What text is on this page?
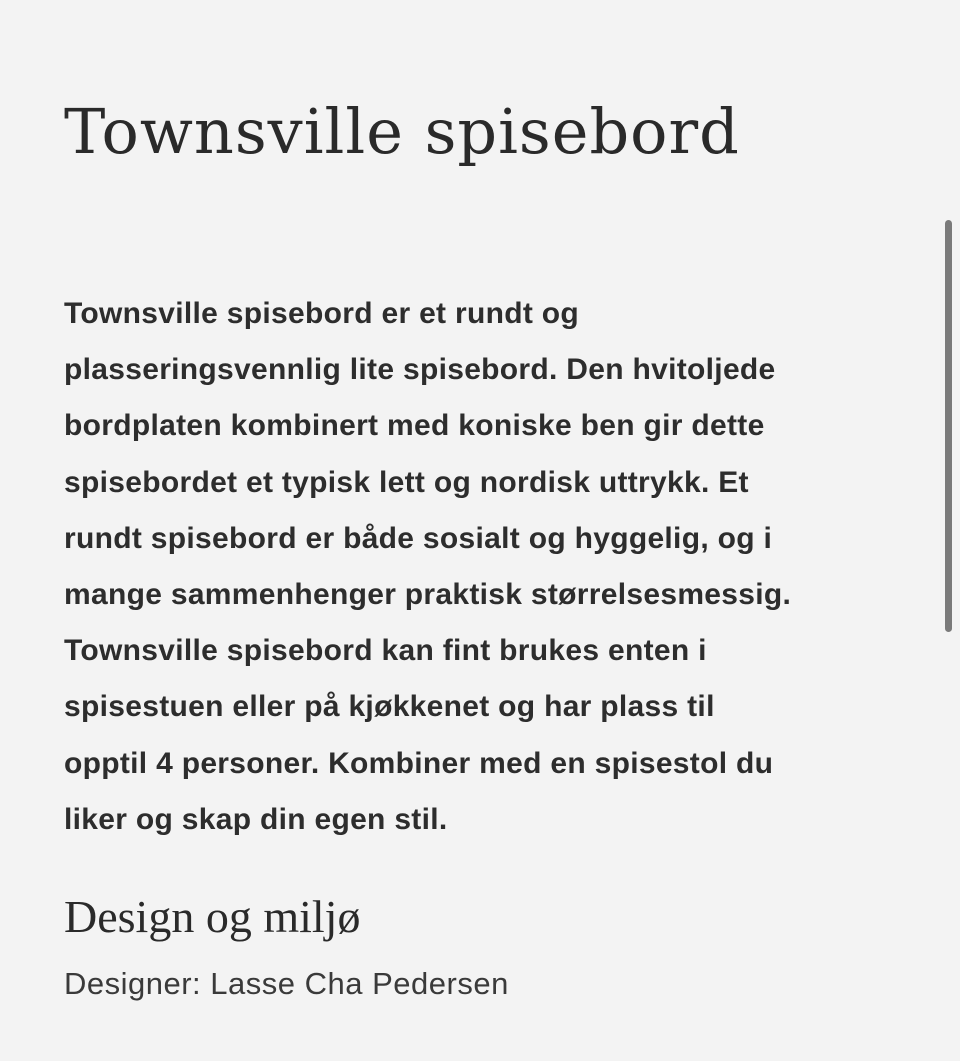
Townsville spisebord

Townsville spisebord er et rundt og
plasseringsvennlig lite spisebord. Den hvitoljede
bordplaten kombinert med koniske ben gir dette
spisebordet et typisk lett og nordisk uttrykk. Et
rundt spisebord er både sosialt og hyggelig, og i
mange sammenhenger praktisk størrelsesmessig.
Townsville spisebord kan fint brukes enten i
spisestuen eller på kjøkkenet og har plass til
opptil 4 personer. Kombiner med en spisestol du
liker og skap din egen stil.

Design og miljø
Designer: Lasse Cha Pedersen
